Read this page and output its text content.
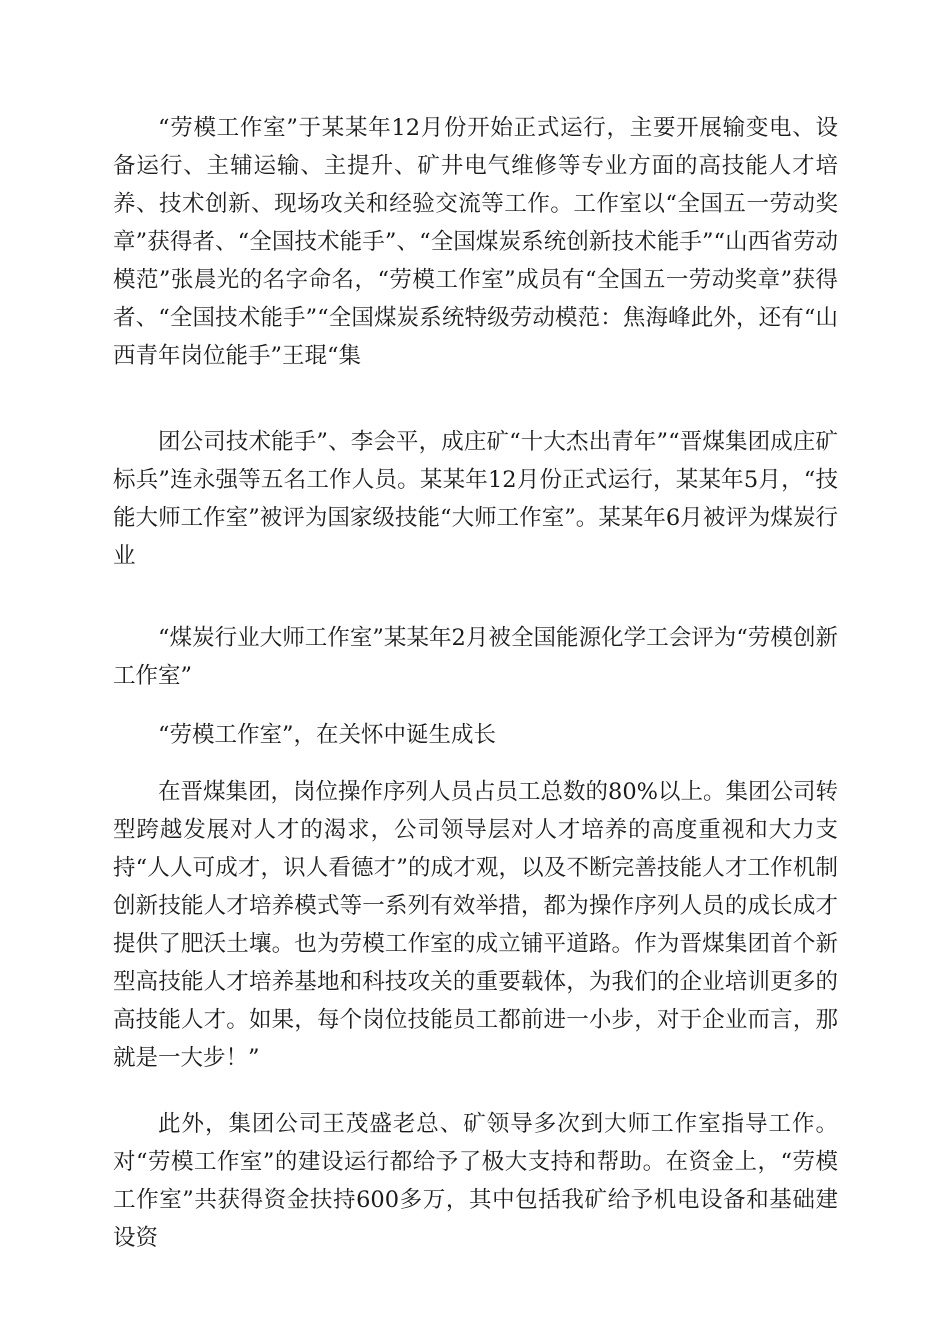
“劳模工作室”于某某年12月份开始正式运行，主要开展输变电、设备运行、主辅运输、主提升、矿井电气维修等专业方面的高技能人才培养、技术创新、现场攻关和经验交流等工作。工作室以“全国五一劳动奖章”获得者、“全国技术能手”、“全国煤炭系统创新技术能手”“山西省劳动模范”张晨光的名字命名，“劳模工作室”成员有“全国五一劳动奖章”获得者、“全国技术能手”“全国煤炭系统特级劳动模范：焦海峰此外，还有“山西青年岗位能手”王琨“集

团公司技术能手”、李会平，成庄矿“十大杰出青年”“晋煤集团成庄矿标兵”连永强等五名工作人员。某某年12月份正式运行，某某年5月，“技能大师工作室”被评为国家级技能“大师工作室”。某某年6月被评为煤炭行业

“煤炭行业大师工作室”某某年2月被全国能源化学工会评为“劳模创新工作室”

“劳模工作室”，在关怀中诞生成长

在晋煤集团，岗位操作序列人员占员工总数的80%以上。集团公司转型跨越发展对人才的渴求，公司领导层对人才培养的高度重视和大力支持“人人可成才，识人看德才”的成才观，以及不断完善技能人才工作机制创新技能人才培养模式等一系列有效举措，都为操作序列人员的成长成才提供了肥沃土壤。也为劳模工作室的成立铺平道路。作为晋煤集团首个新型高技能人才培养基地和科技攻关的重要载体，为我们的企业培训更多的高技能人才。如果，每个岗位技能员工都前进一小步，对于企业而言，那就是一大步！”

此外，集团公司王茂盛老总、矿领导多次到大师工作室指导工作。对“劳模工作室”的建设运行都给予了极大支持和帮助。在资金上，“劳模工作室”共获得资金扶持600多万，其中包括我矿给予机电设备和基础建设资
